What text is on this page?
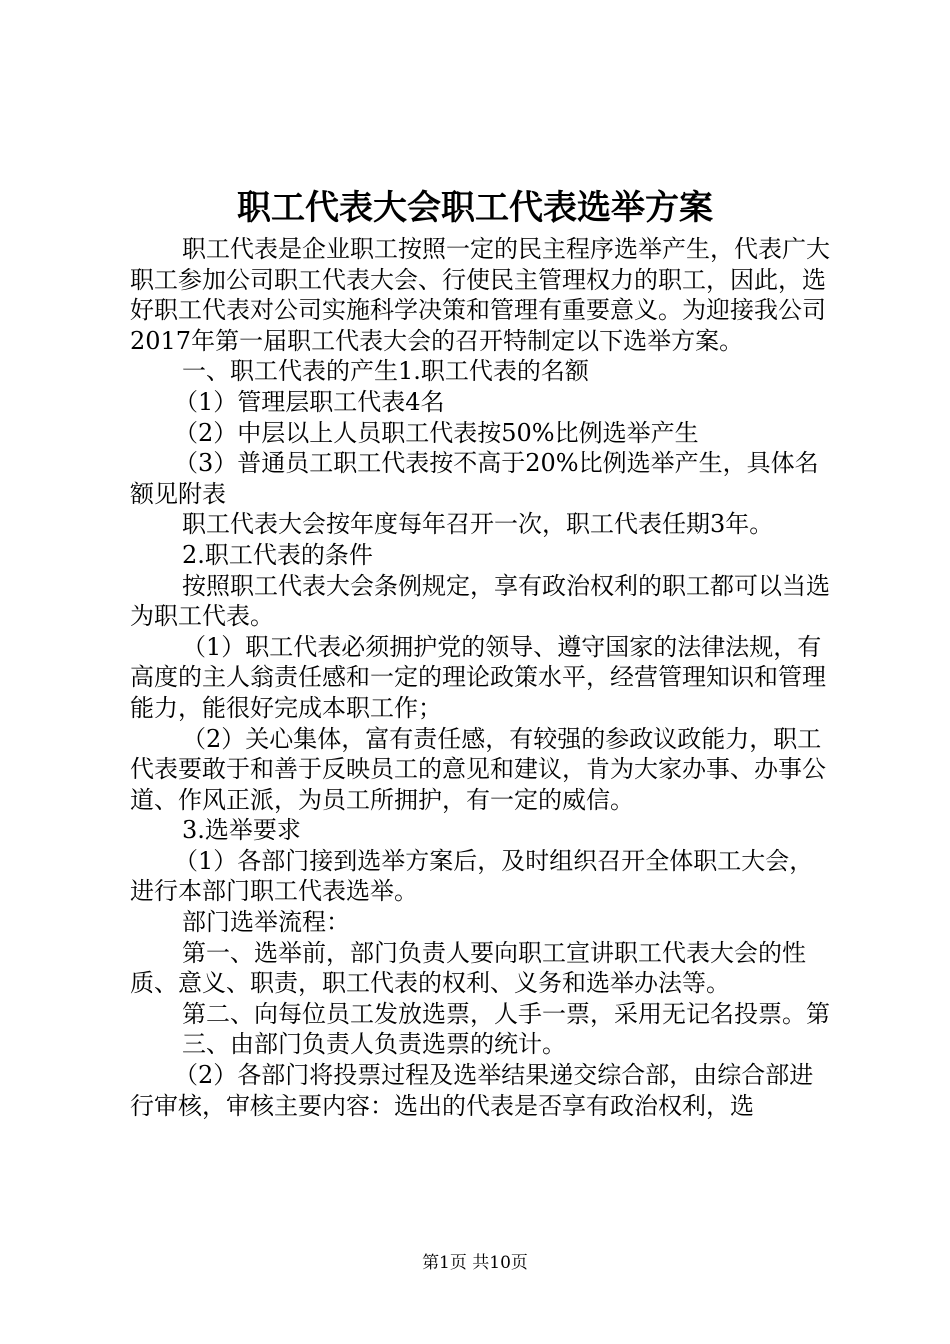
职工代表大会职工代表选举方案

职工代表是企业职工按照一定的民主程序选举产生，代表广大职工参加公司职工代表大会、行使民主管理权力的职工，因此，选好职工代表对公司实施科学决策和管理有重要意义。为迎接我公司2017年第一届职工代表大会的召开特制定以下选举方案。

一、职工代表的产生1.职工代表的名额

（1）管理层职工代表4名

（2）中层以上人员职工代表按50%比例选举产生

（3）普通员工职工代表按不高于20%比例选举产生，具体名额见附表

职工代表大会按年度每年召开一次，职工代表任期3年。

2.职工代表的条件

按照职工代表大会条例规定，享有政治权利的职工都可以当选为职工代表。

（1）职工代表必须拥护党的领导、遵守国家的法律法规，有高度的主人翁责任感和一定的理论政策水平，经营管理知识和管理能力，能很好完成本职工作；

（2）关心集体，富有责任感，有较强的参政议政能力，职工代表要敢于和善于反映员工的意见和建议，肯为大家办事、办事公道、作风正派，为员工所拥护，有一定的威信。

3.选举要求

（1）各部门接到选举方案后，及时组织召开全体职工大会，进行本部门职工代表选举。

部门选举流程：

第一、选举前，部门负责人要向职工宣讲职工代表大会的性质、意义、职责，职工代表的权利、义务和选举办法等。

第二、向每位员工发放选票，人手一票，采用无记名投票。第

三、由部门负责人负责选票的统计。

（2）各部门将投票过程及选举结果递交综合部，由综合部进行审核，审核主要内容：选出的代表是否享有政治权利，选

第1页 共10页
